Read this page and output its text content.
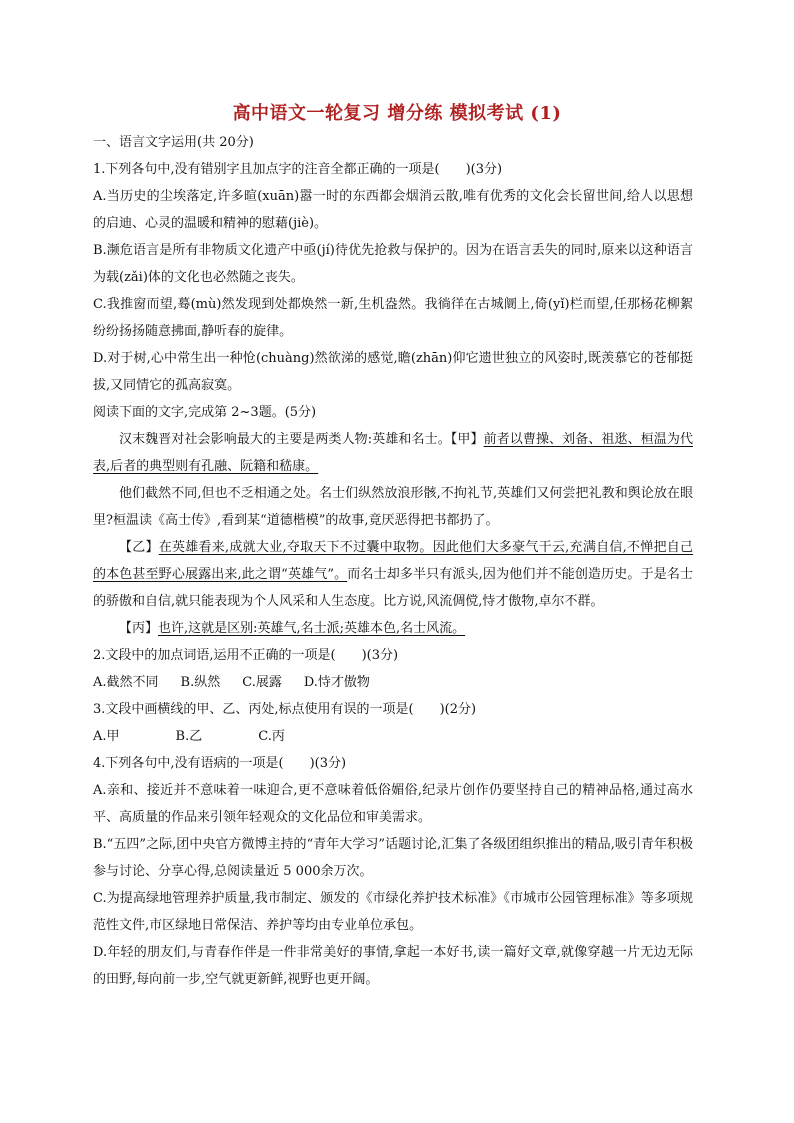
高中语文一轮复习 增分练 模拟考试 (1)

一、语言文字运用(共 20分)

1.下列各句中,没有错别字且加点字的注音全都正确的一项是(　　)(3分)

A.当历史的尘埃落定,许多暄(xuān)嚣一时的东西都会烟消云散,唯有优秀的文化会长留世间,给人以思想的启迪、心灵的温暖和精神的慰藉(jiè)。

B.濒危语言是所有非物质文化遗产中亟(jí)待优先抢救与保护的。因为在语言丢失的同时,原来以这种语言为载(zǎi)体的文化也必然随之丧失。

C.我推窗而望,蓦(mù)然发现到处都焕然一新,生机盎然。我徜徉在古城阛上,倚(yǐ)栏而望,任那杨花柳絮纷纷扬扬随意拂面,静听春的旋律。

D.对于树,心中常生出一种怆(chuàng)然欲涕的感觉,瞻(zhān)仰它遗世独立的风姿时,既羡慕它的苍郁挺拔,又同情它的孤高寂寞。

阅读下面的文字,完成第 2~3题。(5分)

汉末魏晋对社会影响最大的主要是两类人物:英雄和名士。【甲】前者以曹操、刘备、祖逖、桓温为代表,后者的典型则有孔融、阮籍和嵇康。

他们截然不同,但也不乏相通之处。名士们纵然放浪形骸,不拘礼节,英雄们又何尝把礼教和舆论放在眼里?桓温读《高士传》,看到某“道德楷模”的故事,竟厌恶得把书都扔了。

【乙】在英雄看来,成就大业,夺取天下不过囊中取物。因此他们大多豪气干云,充满自信,不惮把自己的本色甚至野心展露出来,此之谓“英雄气”。而名士却多半只有派头,因为他们并不能创造历史。于是名士的骄傲和自信,就只能表现为个人风采和人生态度。比方说,风流倜傥,恃才傲物,卓尔不群。

【丙】也许,这就是区别:英雄气,名士派;英雄本色,名士风流。

2.文段中的加点词语,运用不正确的一项是(　　)(3分)

A.截然不同 B.纵然 C.展露 D.恃才傲物

3.文段中画横线的甲、乙、丙处,标点使用有误的一项是(　　)(2分)

A.甲	B.乙	C.丙

4.下列各句中,没有语病的一项是(　　)(3分)

A.亲和、接近并不意味着一味迎合,更不意味着低俗媚俗,纪录片创作仍要坚持自己的精神品格,通过高水平、高质量的作品来引领年轻观众的文化品位和审美需求。

B.“五四”之际,团中央官方微博主持的“青年大学习”话题讨论,汇集了各级团组织推出的精品,吸引青年积极参与讨论、分享心得,总阅读量近 5 000余万次。

C.为提高绿地管理养护质量,我市制定、颁发的《市绿化养护技术标准》《市城市公园管理标准》等多项规范性文件,市区绿地日常保洁、养护等均由专业单位承包。

D.年轻的朋友们,与青春作伴是一件非常美好的事情,拿起一本好书,读一篇好文章,就像穿越一片无边无际的田野,每向前一步,空气就更新鲜,视野也更开阔。
